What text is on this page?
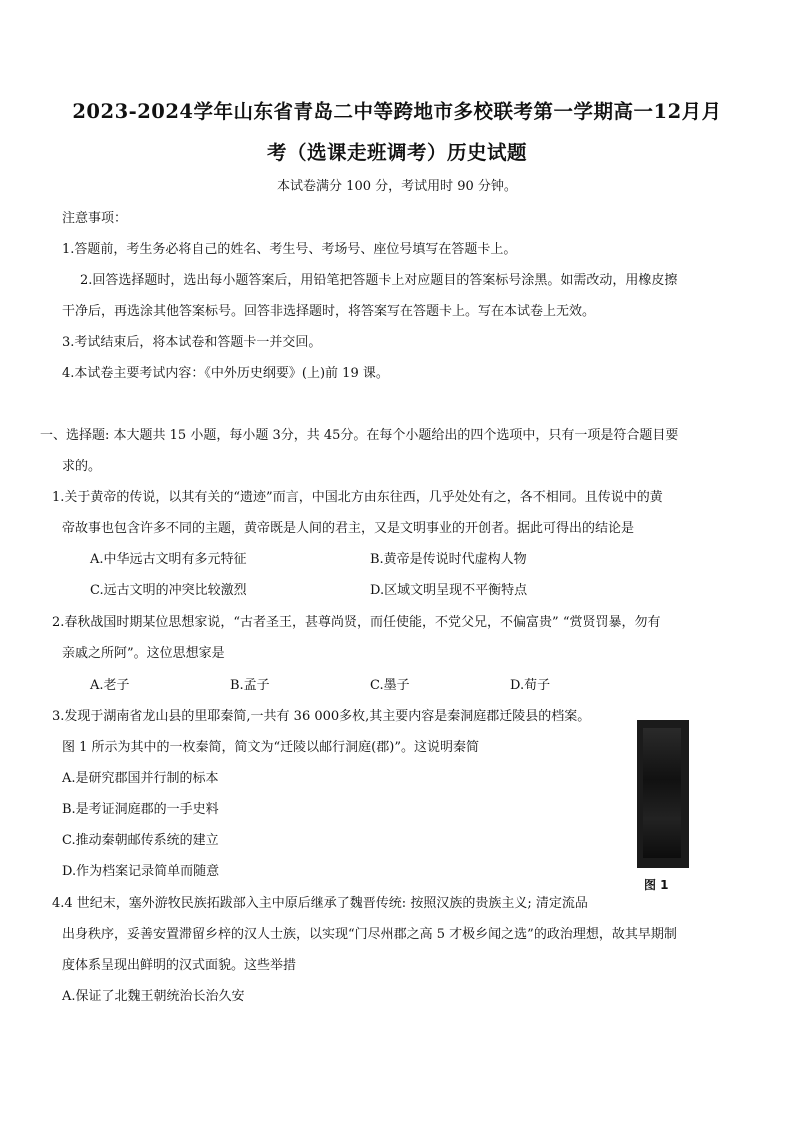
2023-2024学年山东省青岛二中等跨地市多校联考第一学期高一12月月
考（选课走班调考）历史试题
本试卷满分 100 分，考试用时 90 分钟。
注意事项：
1.答题前，考生务必将自己的姓名、考生号、考场号、座位号填写在答题卡上。
2.回答选择题时，选出每小题答案后，用铅笔把答题卡上对应题目的答案标号涂黑。如需改动，用橡皮擦
干净后，再选涂其他答案标号。回答非选择题时，将答案写在答题卡上。写在本试卷上无效。
3.考试结束后，将本试卷和答题卡一并交回。
4.本试卷主要考试内容：《中外历史纲要》(上)前 19 课。
一、选择题: 本大题共 15 小题，每小题 3分，共 45分。在每个小题给出的四个选项中，只有一项是符合题目要
求的。
1.关于黄帝的传说，以其有关的“遗迹”而言，中国北方由东往西，几乎处处有之，各不相同。且传说中的黄
帝故事也包含许多不同的主题，黄帝既是人间的君主，又是文明事业的开创者。据此可得出的结论是
A.中华远古文明有多元特征	B.黄帝是传说时代虚构人物
C.远古文明的冲突比较激烈	D.区域文明呈现不平衡特点
2.春秋战国时期某位思想家说，“古者圣王，甚尊尚贤，而任使能，不党父兄，不偏富贵” “赏贤罚暴，勿有
亲戚之所阿”。这位思想家是
A.老子	B.孟子	C.墨子	D.荀子
3.发现于湖南省龙山县的里耶秦简,一共有 36 000多枚,其主要内容是秦洞庭郡迁陵县的档案。
图 1 所示为其中的一枚秦简，简文为“迁陵以邮行洞庭(郡)”。这说明秦简
A.是研究郡国并行制的标本
B.是考证洞庭郡的一手史料
C.推动秦朝邮传系统的建立
D.作为档案记录简单而随意
图 1
4.4 世纪末，塞外游牧民族拓跋部入主中原后继承了魏晋传统: 按照汉族的贵族主义; 清定流品
出身秩序，妥善安置滞留乡梓的汉人士族，以实现“门尽州郡之高 5 才极乡闻之选”的政治理想，故其早期制
度体系呈现出鲜明的汉式面貌。这些举措
A.保证了北魏王朝统治长治久安
